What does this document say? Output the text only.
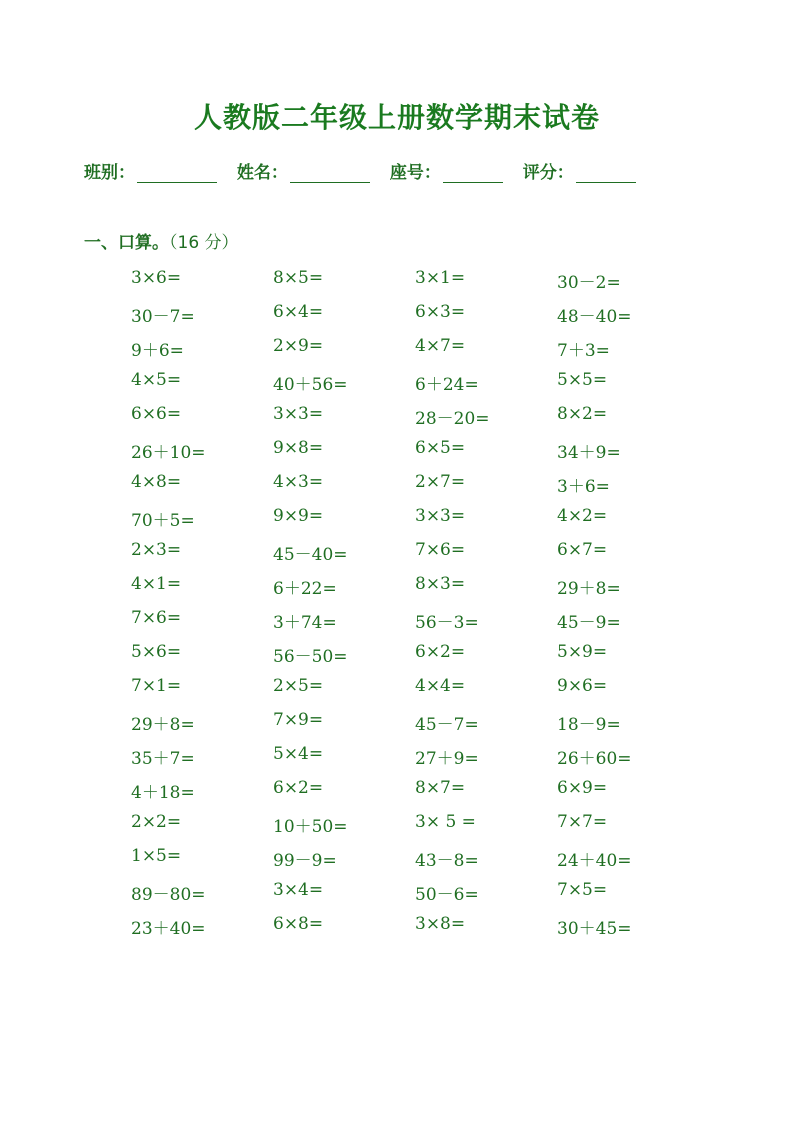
人教版二年级上册数学期末试卷
班别：	姓名：	座号：	评分：
一、口算。（16 分）
3×6=	8×5=	3×1=	30－2=
30－7=	6×4=	6×3=	48－40=
9＋6=	2×9=	4×7=	7＋3=
4×5=	40＋56=	6＋24=	5×5=
6×6=	3×3=	28－20=	8×2=
26＋10=	9×8=	6×5=	34＋9=
4×8=	4×3=	2×7=	3＋6=
70＋5=	9×9=	3×3=	4×2=
2×3=	45－40=	7×6=	6×7=
4×1=	6＋22=	8×3=	29＋8=
7×6=	3＋74=	56－3=	45－9=
5×6=	56－50=	6×2=	5×9=
7×1=	2×5=	4×4=	9×6=
29＋8=	7×9=	45－7=	18－9=
35＋7=	5×4=	27＋9=	26＋60=
4＋18=	6×2=	8×7=	6×9=
2×2=	10＋50=	3× 5 =	7×7=
1×5=	99－9=	43－8=	24＋40=
89－80=	3×4=	50－6=	7×5=
23＋40=	6×8=	3×8=	30＋45=
